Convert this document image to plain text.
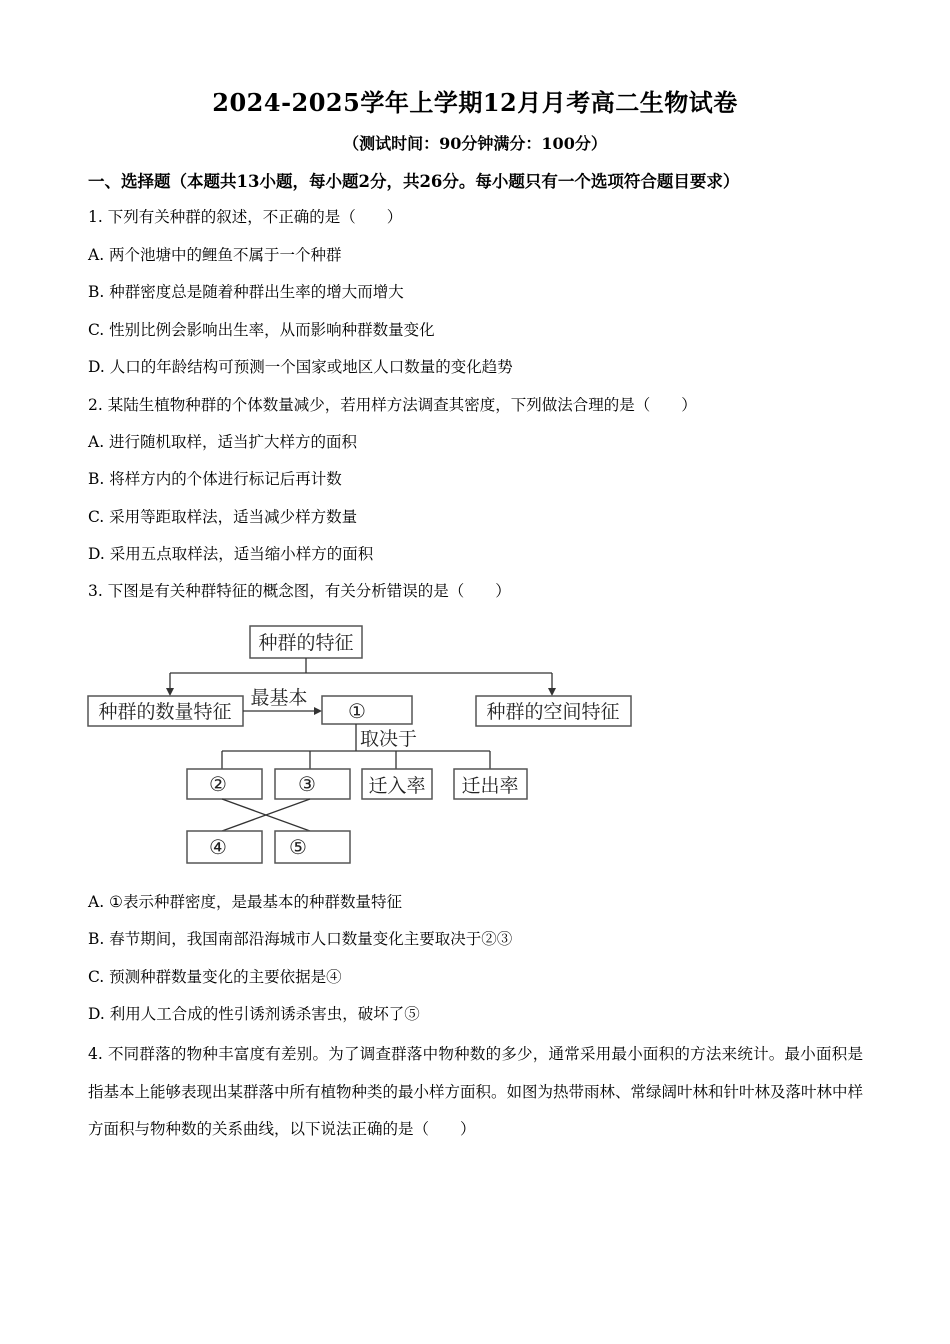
2024-2025学年上学期12月月考高二生物试卷
（测试时间：90分钟满分：100分）
一、选择题（本题共13小题，每小题2分，共26分。每小题只有一个选项符合题目要求）
1. 下列有关种群的叙述，不正确的是（　　）
A. 两个池塘中的鲤鱼不属于一个种群
B. 种群密度总是随着种群出生率的增大而增大
C. 性别比例会影响出生率，从而影响种群数量变化
D. 人口的年龄结构可预测一个国家或地区人口数量的变化趋势
2. 某陆生植物种群的个体数量减少，若用样方法调查其密度，下列做法合理的是（　　）
A. 进行随机取样，适当扩大样方的面积
B. 将样方内的个体进行标记后再计数
C. 采用等距取样法，适当减少样方数量
D. 采用五点取样法，适当缩小样方的面积
3. 下图是有关种群特征的概念图，有关分析错误的是（　　）
种群的特征
种群的数量特征
最基本
①	种群的空间特征
取决于
②	③	迁入率 迁出率
④	⑤
A. ①表示种群密度，是最基本的种群数量特征
B. 春节期间，我国南部沿海城市人口数量变化主要取决于②③
C. 预测种群数量变化的主要依据是④
D. 利用人工合成的性引诱剂诱杀害虫，破坏了⑤
4. 不同群落的物种丰富度有差别。为了调查群落中物种数的多少，通常采用最小面积的方法来统计。最小面积是指基本上能够表现出某群落中所有植物种类的最小样方面积。如图为热带雨林、常绿阔叶林和针叶林及落叶林中样方面积与物种数的关系曲线，以下说法正确的是（　　）
